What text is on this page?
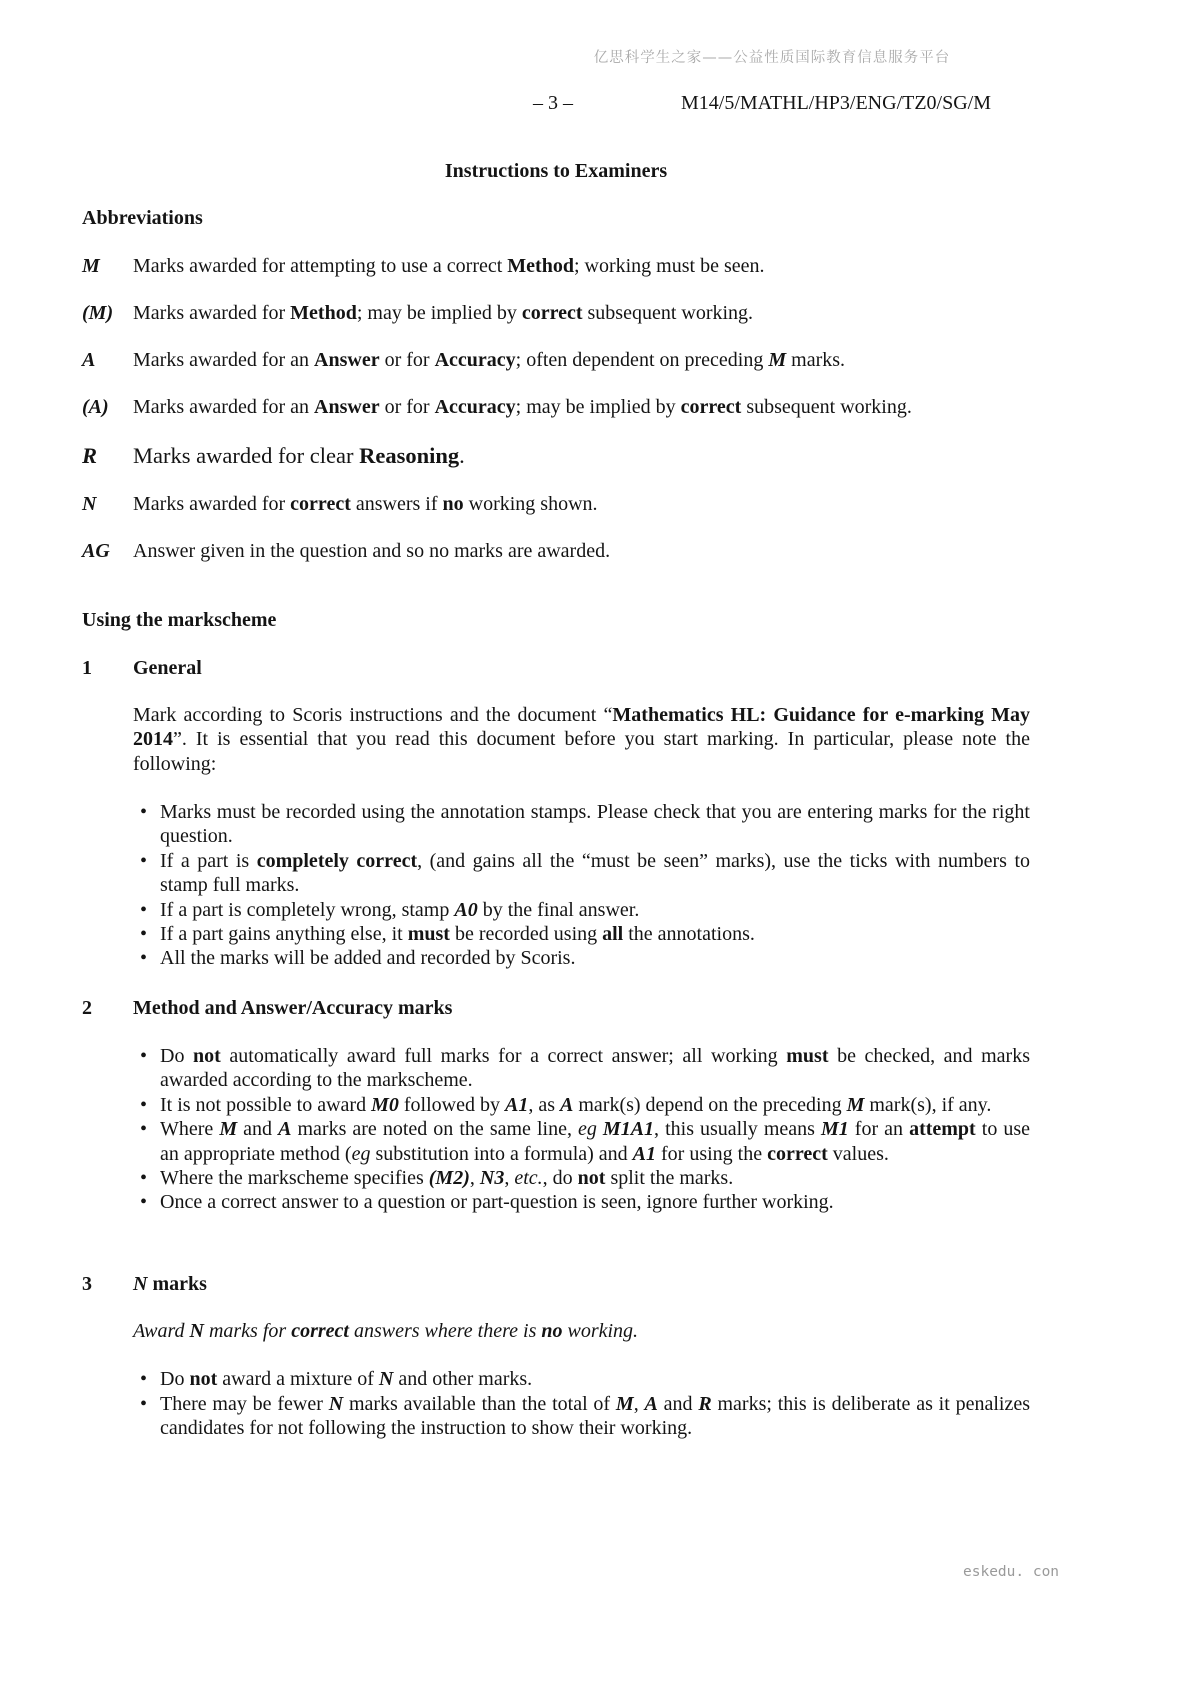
亿思科学生之家——公益性质国际教育信息服务平台
– 3 –	M14/5/MATHL/HP3/ENG/TZ0/SG/M
Instructions to Examiners
Abbreviations
M	Marks awarded for attempting to use a correct Method; working must be seen.
(M) Marks awarded for Method; may be implied by correct subsequent working.
A	Marks awarded for an Answer or for Accuracy; often dependent on preceding M marks.
(A)	Marks awarded for an Answer or for Accuracy; may be implied by correct subsequent working.
R	Marks awarded for clear Reasoning.
N	Marks awarded for correct answers if no working shown.
AG	Answer given in the question and so no marks are awarded.
Using the markscheme
1	General

Mark according to Scoris instructions and the document “Mathematics HL: Guidance for e-marking May 2014”. It is essential that you read this document before you start marking. In particular, please note the following:

• Marks must be recorded using the annotation stamps. Please check that you are entering marks for the right question.
• If a part is completely correct, (and gains all the “must be seen” marks), use the ticks with numbers to stamp full marks.
• If a part is completely wrong, stamp A0 by the final answer.
• If a part gains anything else, it must be recorded using all the annotations.
• All the marks will be added and recorded by Scoris.
2	Method and Answer/Accuracy marks
• Do not automatically award full marks for a correct answer; all working must be checked, and marks awarded according to the markscheme.
• It is not possible to award M0 followed by A1, as A mark(s) depend on the preceding M mark(s), if any.
• Where M and A marks are noted on the same line, eg M1A1, this usually means M1 for an attempt to use an appropriate method (eg substitution into a formula) and A1 for using the correct values.
• Where the markscheme specifies (M2), N3, etc., do not split the marks.
• Once a correct answer to a question or part-question is seen, ignore further working.
3	N marks

Award N marks for correct answers where there is no working.

• Do not award a mixture of N and other marks.
• There may be fewer N marks available than the total of M, A and R marks; this is deliberate as it penalizes candidates for not following the instruction to show their working.
eskedu. con
